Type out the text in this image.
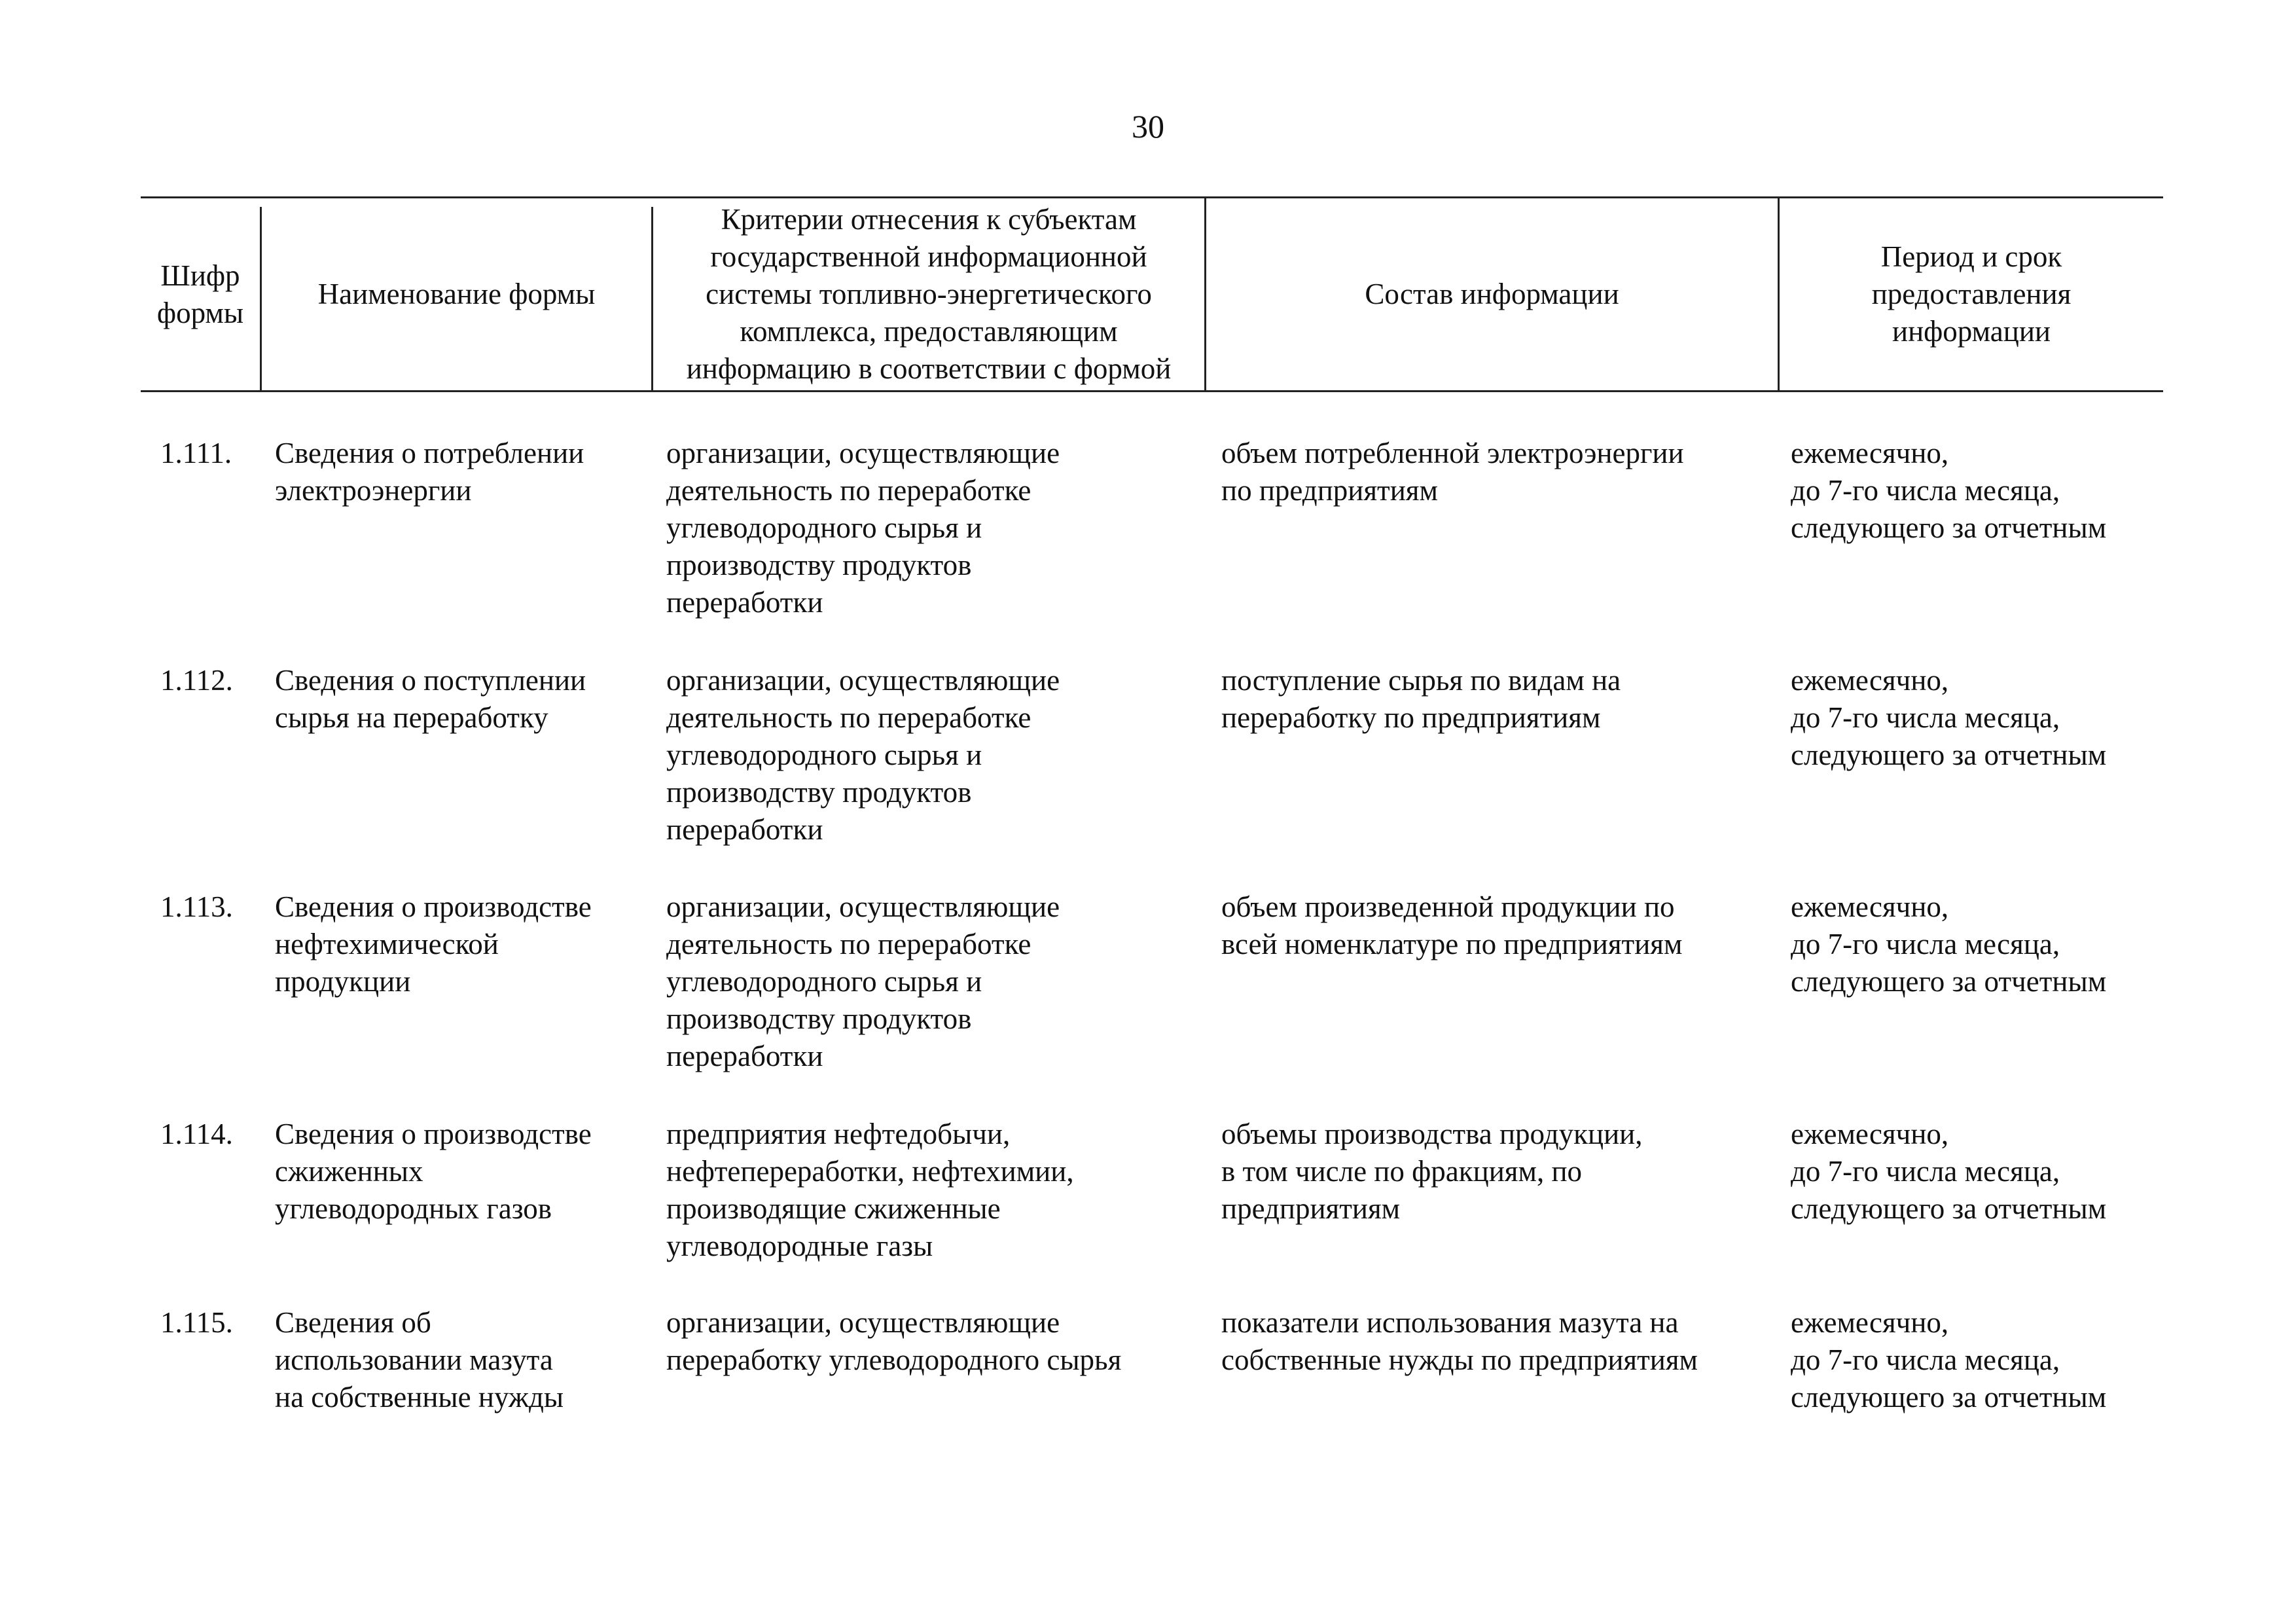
30
Шифр
формы
Наименование формы
Критерии отнесения к субъектам
государственной информационной
системы топливно-энергетического
комплекса, предоставляющим
информацию в соответствии с формой
Состав информации
Период и срок
предоставления
информации
1.111. Сведения о потреблении
электроэнергии
организации, осуществляющие
деятельность по переработке
углеводородного сырья и
производству продуктов
переработки
объем потребленной электроэнергии
по предприятиям
ежемесячно,
до 7-го числа месяца,
следующего за отчетным
1.112. Сведения о поступлении
сырья на переработку
организации, осуществляющие
деятельность по переработке
углеводородного сырья и
производству продуктов
переработки
поступление сырья по видам на
переработку по предприятиям
ежемесячно,
до 7-го числа месяца,
следующего за отчетным
1.113. Сведения о производстве
нефтехимической
продукции
организации, осуществляющие
деятельность по переработке
углеводородного сырья и
производству продуктов
переработки
объем произведенной продукции по
всей номенклатуре по предприятиям
ежемесячно,
до 7-го числа месяца,
следующего за отчетным
1.114. Сведения о производстве
сжиженных
углеводородных газов
предприятия нефтедобычи,
нефтепереработки, нефтехимии,
производящие сжиженные
углеводородные газы
объемы производства продукции,
в том числе по фракциям, по
предприятиям
ежемесячно,
до 7-го числа месяца,
следующего за отчетным
1.115. Сведения об
использовании мазута
на собственные нужды
организации, осуществляющие
переработку углеводородного сырья
показатели использования мазута на
собственные нужды по предприятиям
ежемесячно,
до 7-го числа месяца,
следующего за отчетным
